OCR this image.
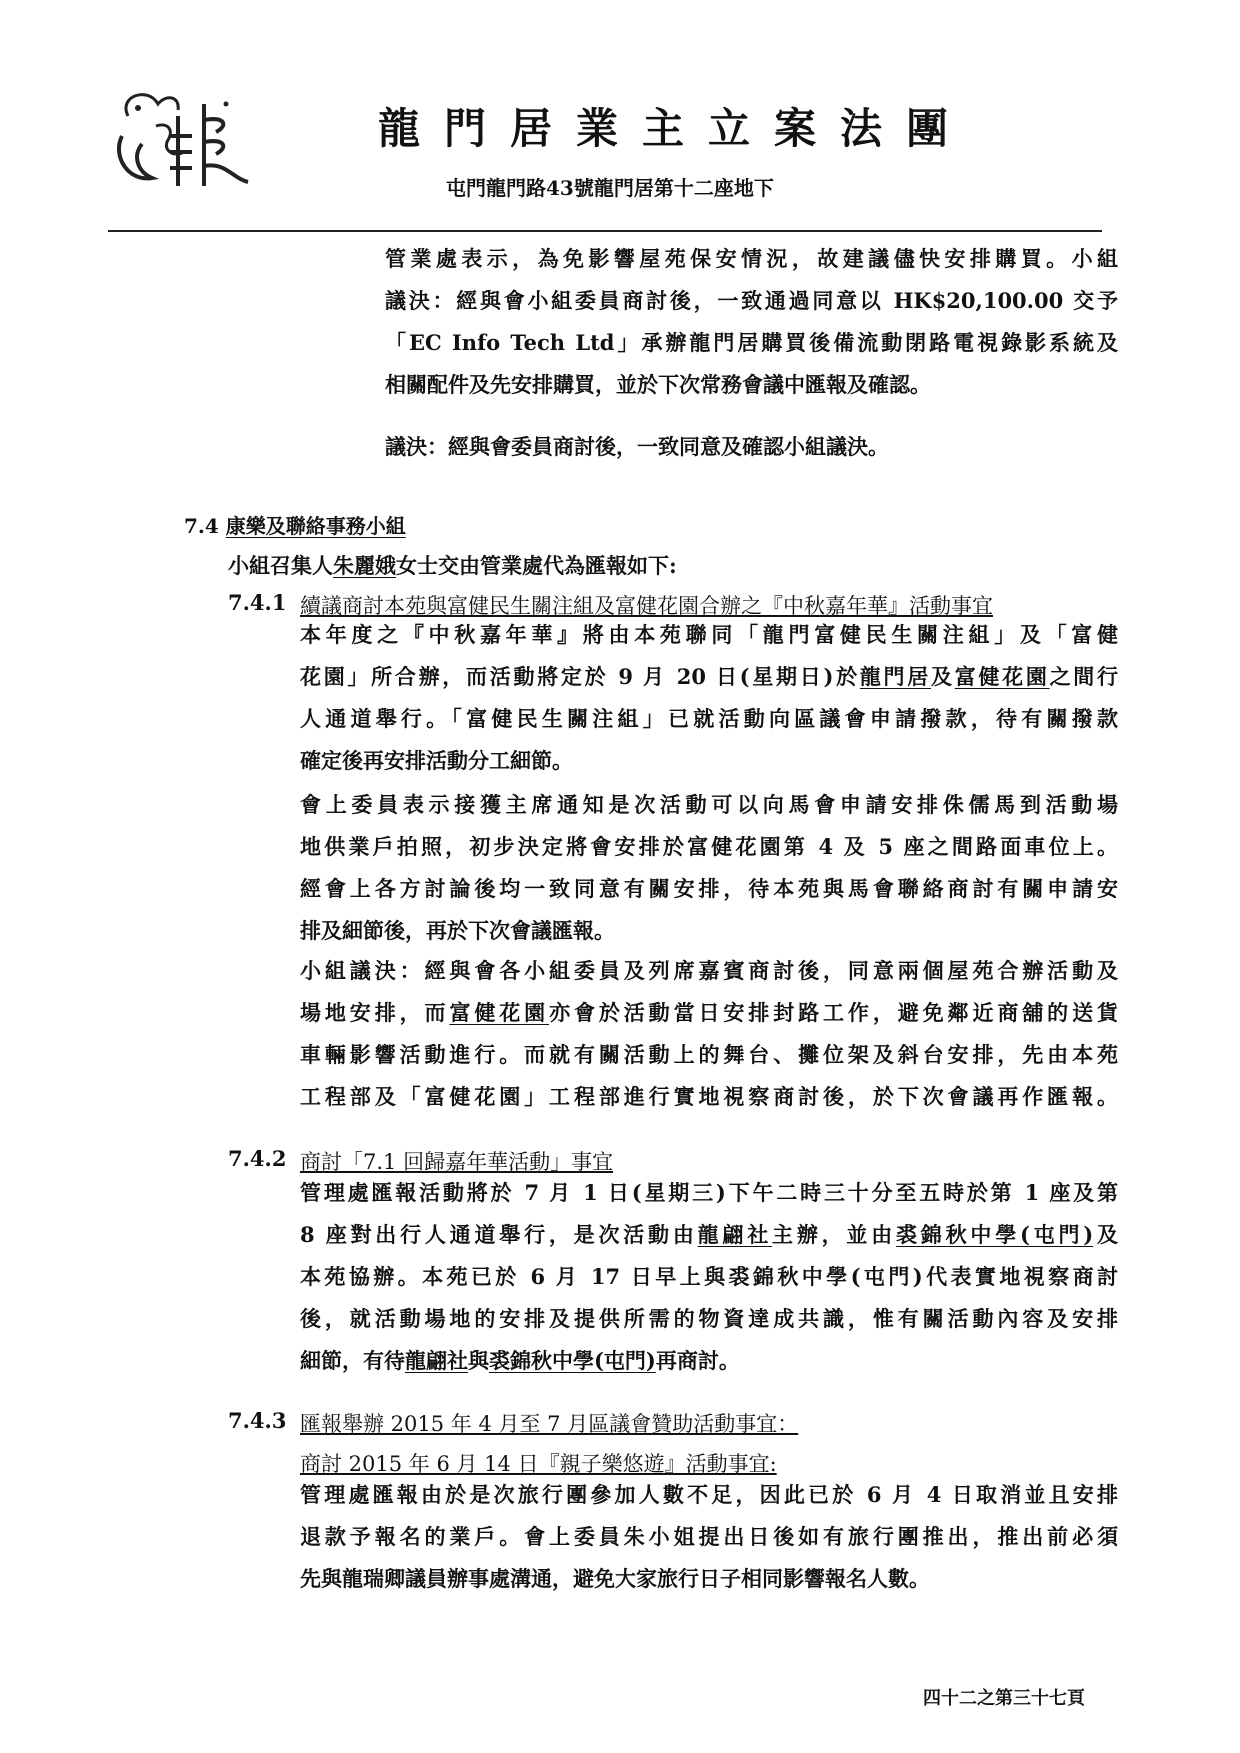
龍門居業主立案法團
屯門龍門路43號龍門居第十二座地下
管業處表示，為免影響屋苑保安情況，故建議儘快安排購買。小組
議決：經與會小組委員商討後，一致通過同意以 HK$20,100.00 交予
「EC Info Tech Ltd」承辦龍門居購買後備流動閉路電視錄影系統及
相關配件及先安排購買，並於下次常務會議中匯報及確認。
議決：經與會委員商討後，一致同意及確認小組議決。
7.4 康樂及聯絡事務小組
小組召集人朱麗娥女士交由管業處代為匯報如下:
7.4.1 續議商討本苑與富健民生關注組及富健花園合辦之『中秋嘉年華』活動事宜
本年度之『中秋嘉年華』將由本苑聯同「龍門富健民生關注組」及「富健
花園」所合辦，而活動將定於 9 月 20 日(星期日)於龍門居及富健花園之間行
人通道舉行。「富健民生關注組」已就活動向區議會申請撥款，待有關撥款
確定後再安排活動分工細節。
會上委員表示接獲主席通知是次活動可以向馬會申請安排侏儒馬到活動場
地供業戶拍照，初步決定將會安排於富健花園第 4 及 5 座之間路面車位上。
經會上各方討論後均一致同意有關安排，待本苑與馬會聯絡商討有關申請安
排及細節後，再於下次會議匯報。
小組議決：經與會各小組委員及列席嘉賓商討後，同意兩個屋苑合辦活動及
場地安排，而富健花園亦會於活動當日安排封路工作，避免鄰近商舖的送貨
車輛影響活動進行。而就有關活動上的舞台、攤位架及斜台安排，先由本苑
工程部及「富健花園」工程部進行實地視察商討後，於下次會議再作匯報。
7.4.2 商討「7.1 回歸嘉年華活動」事宜
管理處匯報活動將於 7 月 1 日(星期三)下午二時三十分至五時於第 1 座及第
8 座對出行人通道舉行，是次活動由龍翩社主辦，並由裘錦秋中學(屯門)及
本苑協辦。本苑已於 6 月 17 日早上與裘錦秋中學(屯門)代表實地視察商討
後，就活動場地的安排及提供所需的物資達成共識，惟有關活動內容及安排
細節，有待龍翩社與裘錦秋中學(屯門)再商討。
7.4.3 匯報舉辦 2015 年 4 月至 7 月區議會贊助活動事宜：
商討 2015 年 6 月 14 日『親子樂悠遊』活動事宜:
管理處匯報由於是次旅行團參加人數不足，因此已於 6 月 4 日取消並且安排
退款予報名的業戶。會上委員朱小姐提出日後如有旅行團推出，推出前必須
先與龍瑞卿議員辦事處溝通，避免大家旅行日子相同影響報名人數。
四十二之第三十七頁
